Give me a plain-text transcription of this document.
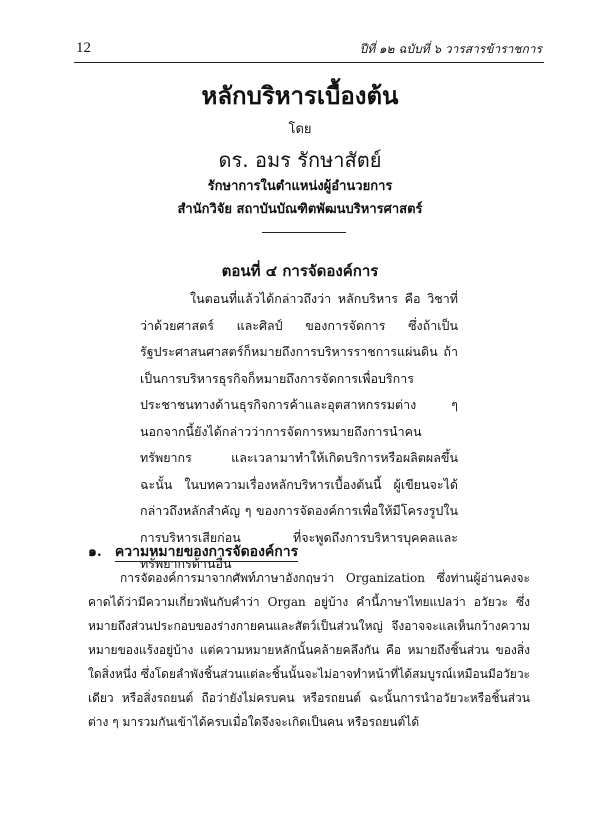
12	ปีที่ ๑๒ ฉบับที่ ๖ วารสารข้าราชการ
หลักบริหารเบื้องต้น
โดย
ดร. อมร รักษาสัตย์
รักษาการในตำแหน่งผู้อำนวยการ
สำนักวิจัย สถาบันบัณฑิตพัฒนบริหารศาสตร์
ตอนที่ ๔ การจัดองค์การ

ในตอนที่แล้วได้กล่าวถึงว่า หลักบริหาร คือ วิชาที่ว่าด้วยศาสตร์ และศิลป์ ของการจัดการ ซึ่งถ้าเป็นรัฐประศาสนศาสตร์ก็หมายถึงการบริหารราชการแผ่นดิน ถ้าเป็นการบริหารธุรกิจก็หมายถึงการจัดการเพื่อบริการประชาชนทางด้านธุรกิจการค้าและอุตสาหกรรมต่าง ๆ นอกจากนี้ยังได้กล่าวว่าการจัดการหมายถึงการนำคน ทรัพยากร และเวลามาทำให้เกิดบริการหรือผลิตผลขึ้น ฉะนั้น ในบทความเรื่องหลักบริหารเบื้องต้นนี้ ผู้เขียนจะได้กล่าวถึงหลักสำคัญ ๆ ของการจัดองค์การเพื่อให้มีโครงรูปในการบริหารเสียก่อน ที่จะพูดถึงการบริหารบุคคลและทรัพยากรด้านอื่น

๑. ความหมายของการจัดองค์การ

การจัดองค์การมาจากศัพท์ภาษาอังกฤษว่า Organization ซึ่งท่านผู้อ่านคงจะคาดได้ว่ามีความเกี่ยวพันกับคำว่า Organ อยู่บ้าง คำนี้ภาษาไทยแปลว่า อวัยวะ ซึ่งหมายถึงส่วนประกอบของร่างกายคนและสัตว์เป็นส่วนใหญ่ จึงอาจจะแลเห็นกว้างความหมายของแร้งอยู่บ้าง แต่ความหมายหลักนั้นคล้ายคลึงกัน คือ หมายถึงชิ้นส่วน ของสิ่งใดสิ่งหนึ่ง ซึ่งโดยลำพังชิ้นส่วนแต่ละชิ้นนั้นจะไม่อาจทำหน้าที่ได้สมบูรณ์เหมือนมีอวัยวะเดียว หรือสิ่งรถยนต์ ถือว่ายังไม่ครบคน หรือรถยนต์ ฉะนั้นการนำอวัยวะหรือชิ้นส่วนต่าง ๆ มารวมกันเข้าได้ครบเมื่อใดจึงจะเกิดเป็นคน หรือรถยนต์ได้
